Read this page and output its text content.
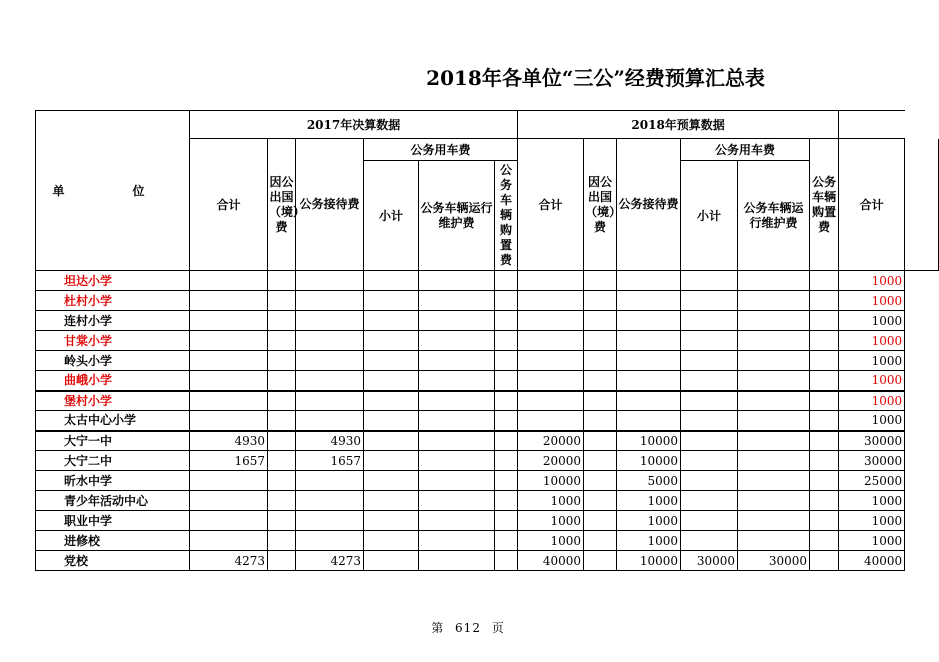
2018年各单位“三公”经费预算汇总表
单　位	2017年决算数据						2018年预算数据							
	合计	因公出国（境）费	公务接待费	公务用车费			合计	因公出国（境）费	公务接待费	公务用车费		公务车辆购置费	合计	
				小计	公务车辆运行维护费	公务车辆购置费				小计	公务车辆运行维护费			
坦达小学													1000	
杜村小学													1000	
连村小学													1000	
甘棠小学													1000	
岭头小学													1000	
曲峨小学													1000	
堡村小学													1000	
太古中心小学													1000	
大宁一中	4930		4930				20000		10000				30000	
大宁二中	1657		1657				20000		10000				30000	
昕水中学							10000		5000				25000	
青少年活动中心							1000		1000				1000	
职业中学							1000		1000				1000	
进修校							1000		1000				1000	
党校	4273		4273				40000		10000	30000	30000		40000	
第 612 页
